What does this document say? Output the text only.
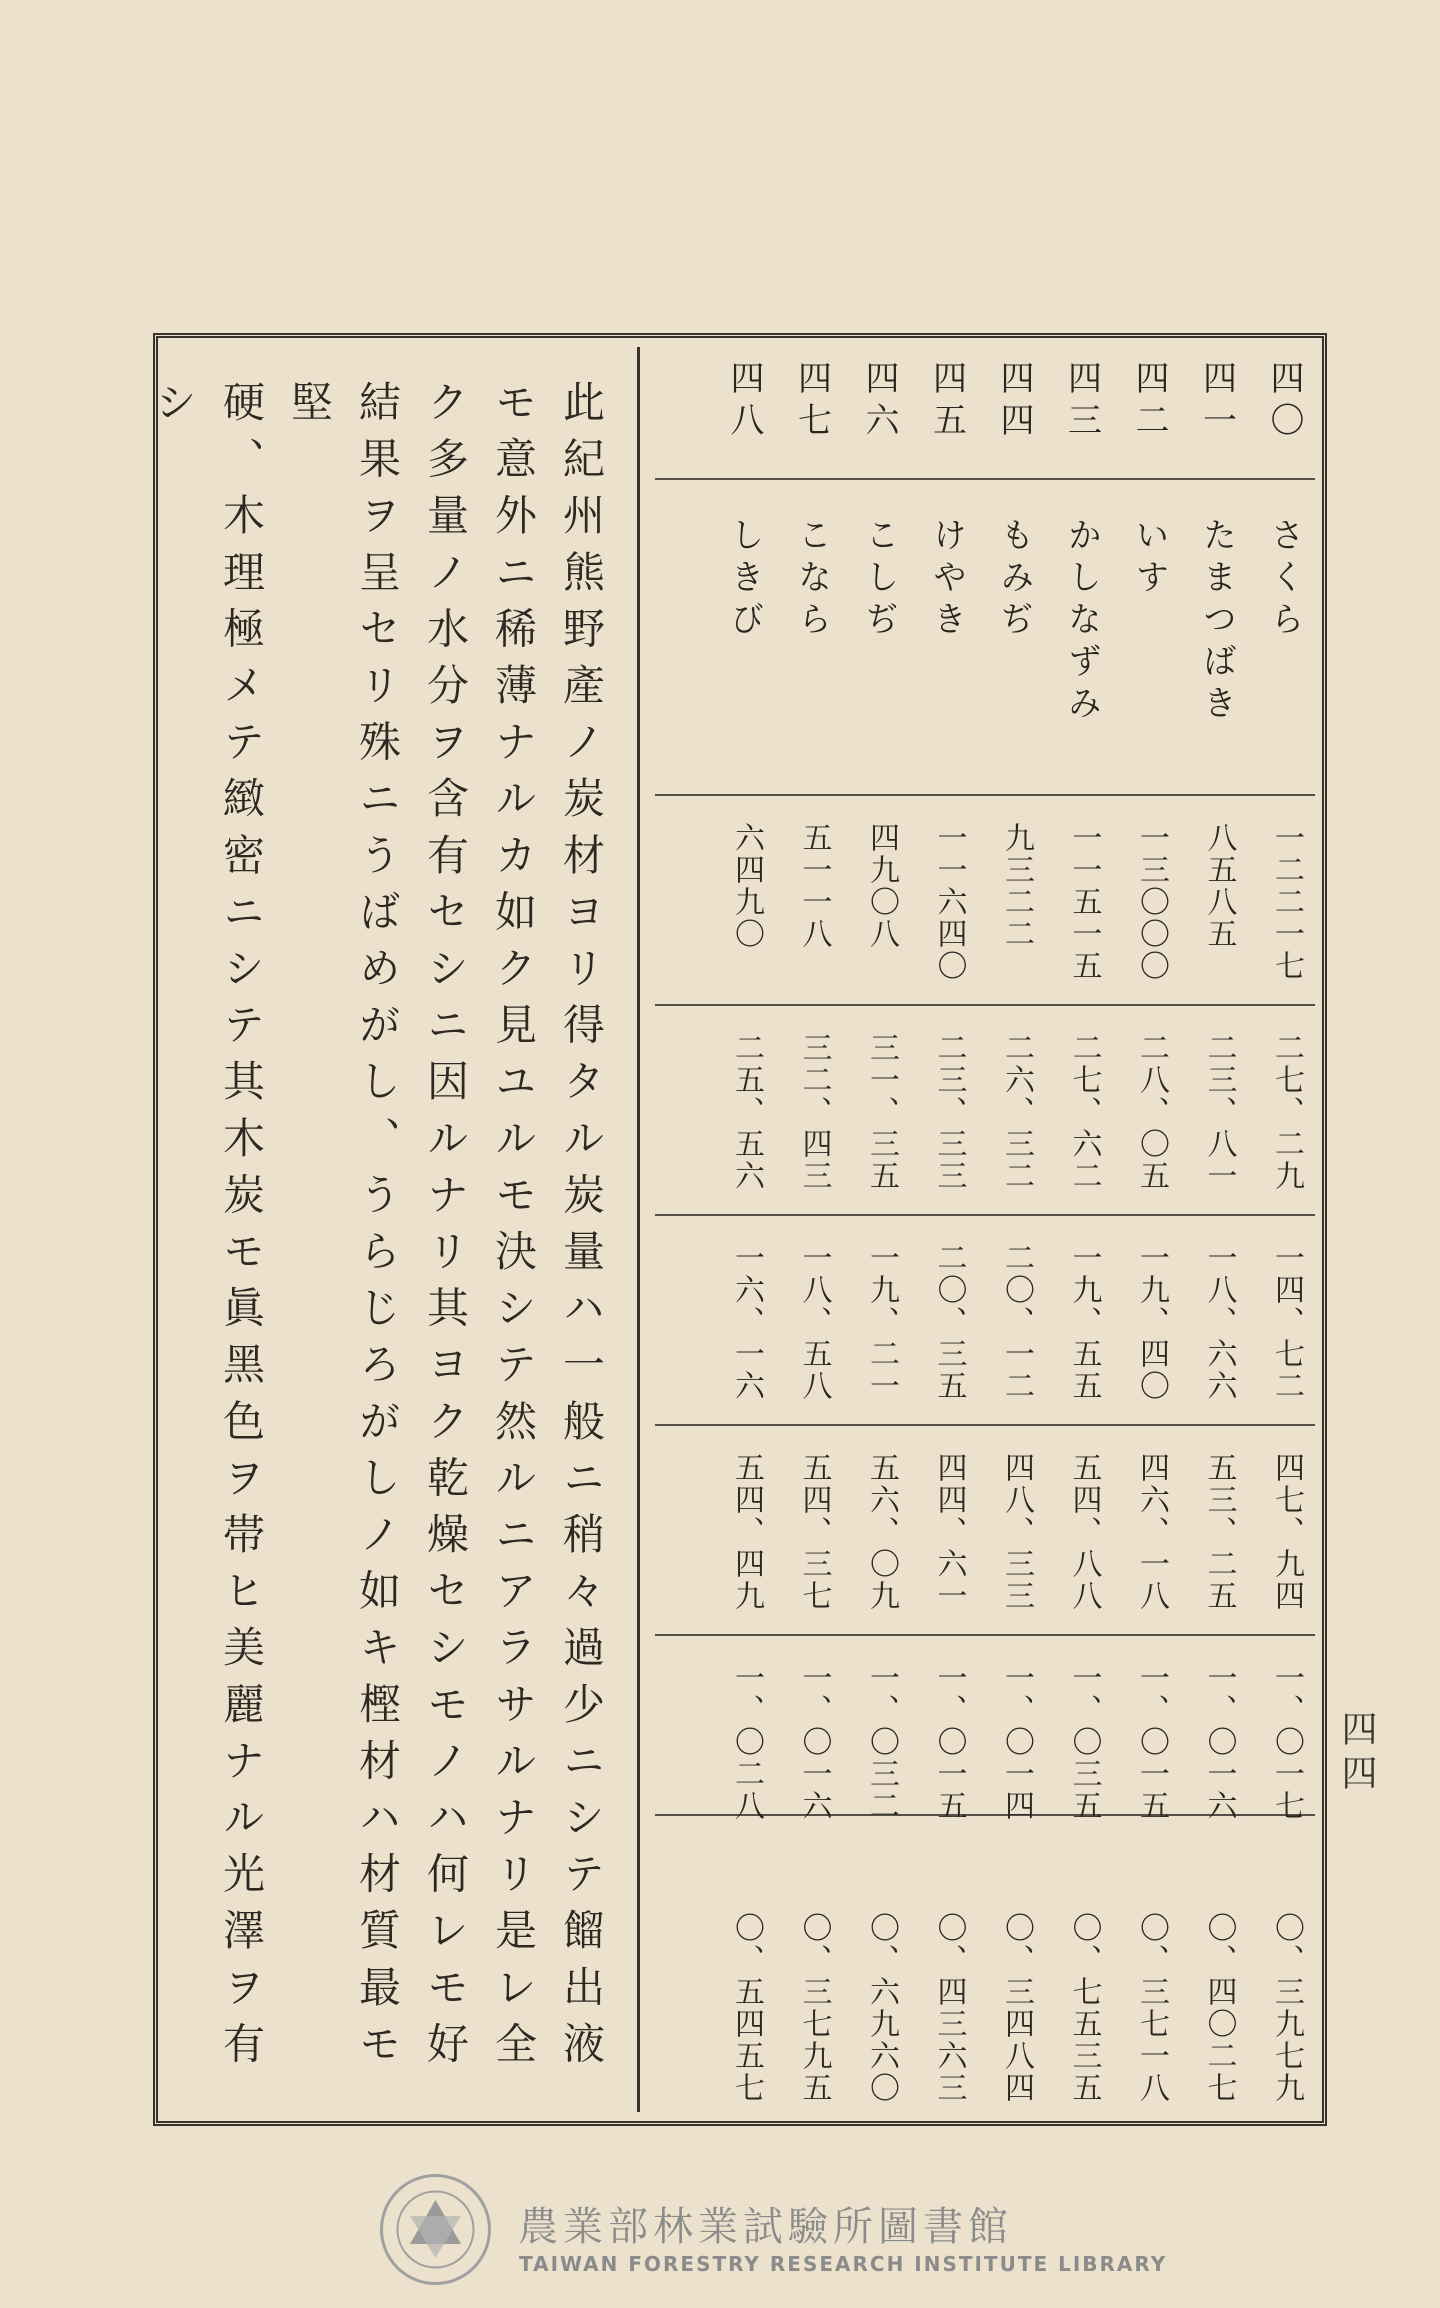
此紀州熊野產ノ炭材ヨリ得タル炭量ハ一般ニ稍々過少ニシテ餾出液
モ意外ニ稀薄ナルカ如ク見ユルモ決シテ然ルニアラサルナリ是レ全
ク多量ノ水分ヲ含有セシニ因ルナリ其ヨク乾燥セシモノハ何レモ好
結果ヲ呈セリ殊ニうばめがし、うらじろがしノ如キ樫材ハ材質最モ堅
硬、木理極メテ緻密ニシテ其木炭モ眞黑色ヲ帯ヒ美麗ナル光澤ヲ有シ	四〇
さくら
一二二一七
二七、二九
一四、七二
四七、九四
一、〇一七
〇、三九七九
四一
たまつばき
八五八五
二三、八一
一八、六六
五三、二五
一、〇一六
〇、四〇二七
四二
いす
一三〇〇〇
二八、〇五
一九、四〇
四六、一八
一、〇一五
〇、三七一八
四三
かしなずみ
一一五一五
二七、六二
一九、五五
五四、八八
一、〇三五
〇、七五三五
四四
もみぢ
九三二二
二六、三二
二〇、一二
四八、三三
一、〇一四
〇、三四八四
四五
けやき
一一六四〇
二三、三三
二〇、三五
四四、六一
一、〇一五
〇、四三六三
四六
こしぢ
四九〇八
三一、三五
一九、二一
五六、〇九
一、〇三二
〇、六九六〇
四七
こなら
五一一八
三二、四三
一八、五八
五四、三七
一、〇一六
〇、三七九五
四八
しきび
六四九〇
二五、五六
一六、一六
五四、四九
一、〇二八
〇、五四五七
四四
農業部林業試驗所圖書館
TAIWAN FORESTRY RESEARCH INSTITUTE LIBRARY
